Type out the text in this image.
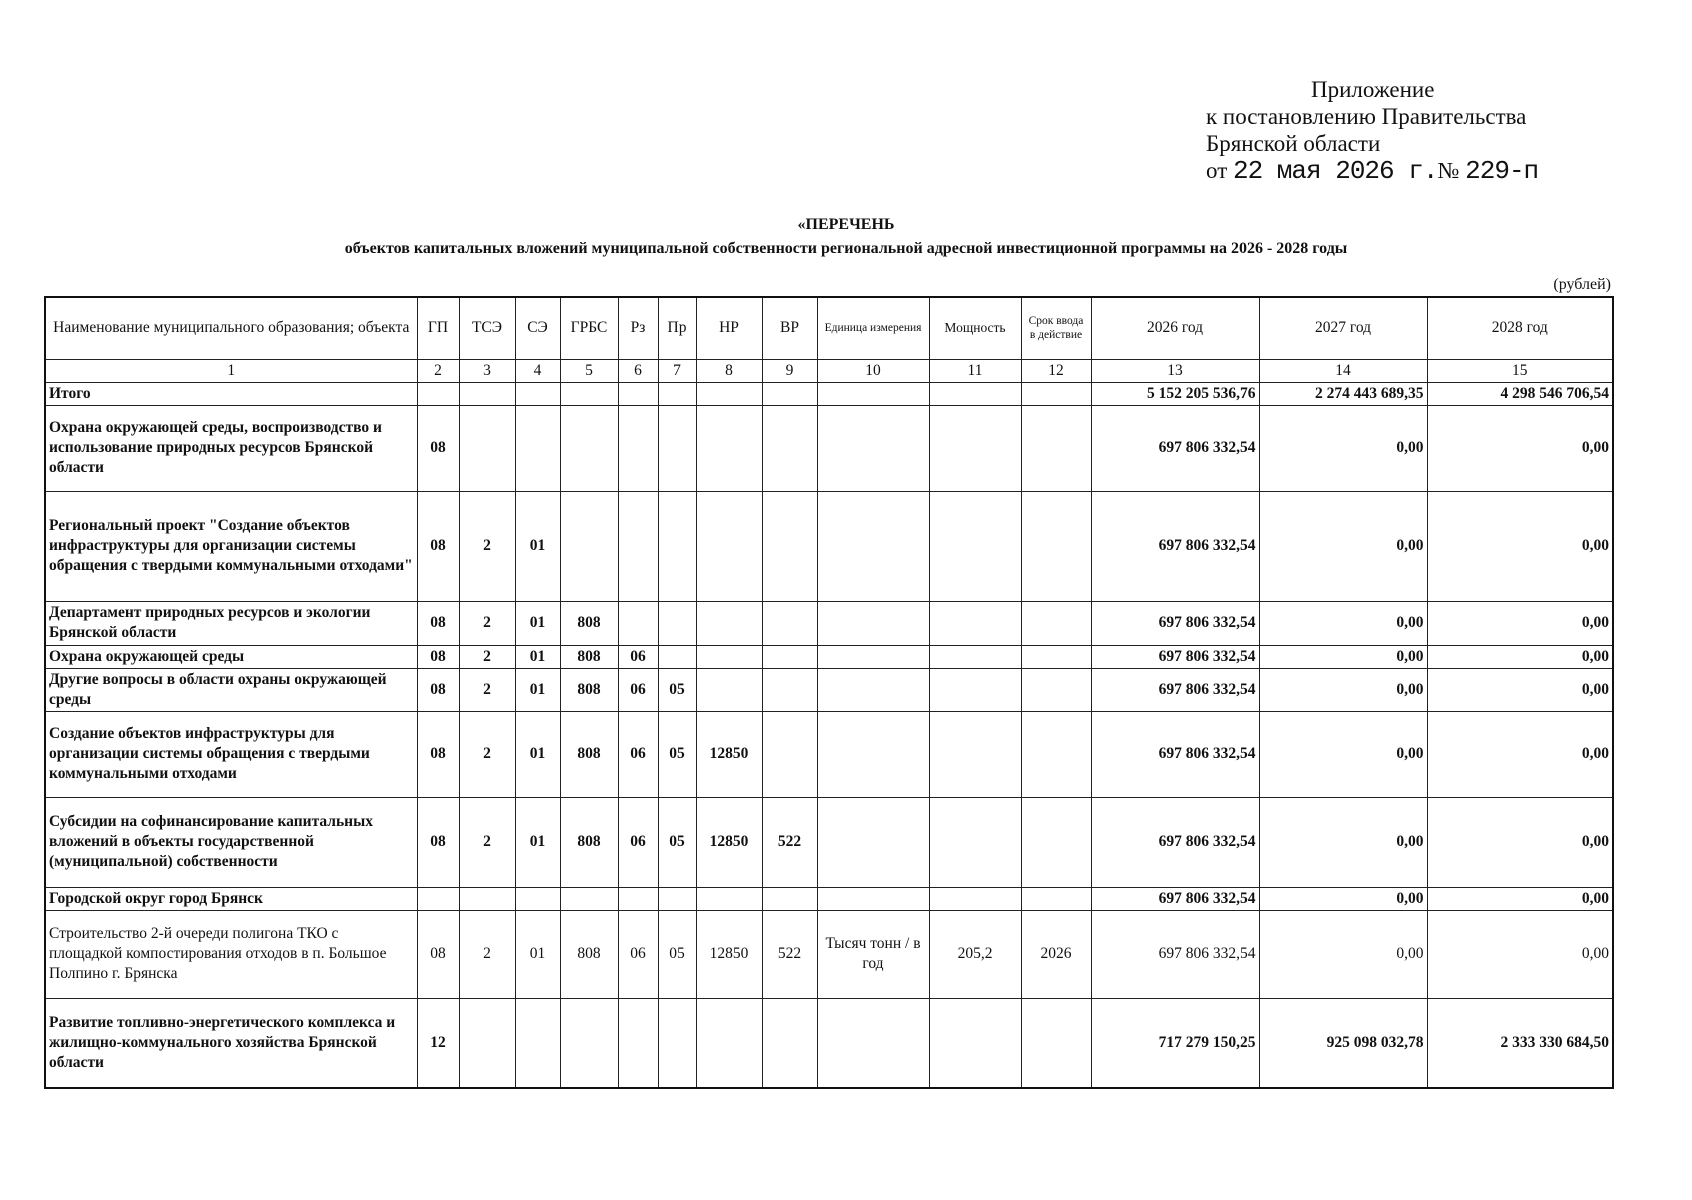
Приложение
к постановлению Правительства
Брянской области
от 22 мая 2026 г.№ 229-п
«ПЕРЕЧЕНЬ
объектов капитальных вложений муниципальной собственности региональной адресной инвестиционной программы на 2026 - 2028 годы
(рублей)
Наименование муниципального образования; объекта	ГП	ТСЭ	СЭ	ГРБС	Рз	Пр	НР	ВР	Единица измерения	Мощность	Срок ввода в действие	2026 год	2027 год	2028 год
1	2	3	4	5	6	7	8	9	10	11	12	13	14	15
Итого												5 152 205 536,76	2 274 443 689,35	4 298 546 706,54
Охрана окружающей среды, воспроизводство и использование природных ресурсов Брянской области	08											697 806 332,54	0,00	0,00
Региональный проект "Создание объектов инфраструктуры для организации системы обращения с твердыми коммунальными отходами"	08	2	01									697 806 332,54	0,00	0,00
Департамент природных ресурсов и экологии Брянской области	08	2	01	808								697 806 332,54	0,00	0,00
Охрана окружающей среды	08	2	01	808	06							697 806 332,54	0,00	0,00
Другие вопросы в области охраны окружающей среды	08	2	01	808	06	05						697 806 332,54	0,00	0,00
Создание объектов инфраструктуры для организации системы обращения с твердыми коммунальными отходами	08	2	01	808	06	05	12850					697 806 332,54	0,00	0,00
Субсидии на софинансирование капитальных вложений в объекты государственной (муниципальной) собственности	08	2	01	808	06	05	12850	522				697 806 332,54	0,00	0,00
Городской округ город Брянск												697 806 332,54	0,00	0,00
Строительство 2-й очереди полигона ТКО с площадкой компостирования отходов в п. Большое Полпино г. Брянска	08	2	01	808	06	05	12850	522	Тысяч тонн / в год	205,2	2026	697 806 332,54	0,00	0,00
Развитие топливно-энергетического комплекса и жилищно-коммунального хозяйства Брянской области	12											717 279 150,25	925 098 032,78	2 333 330 684,50
